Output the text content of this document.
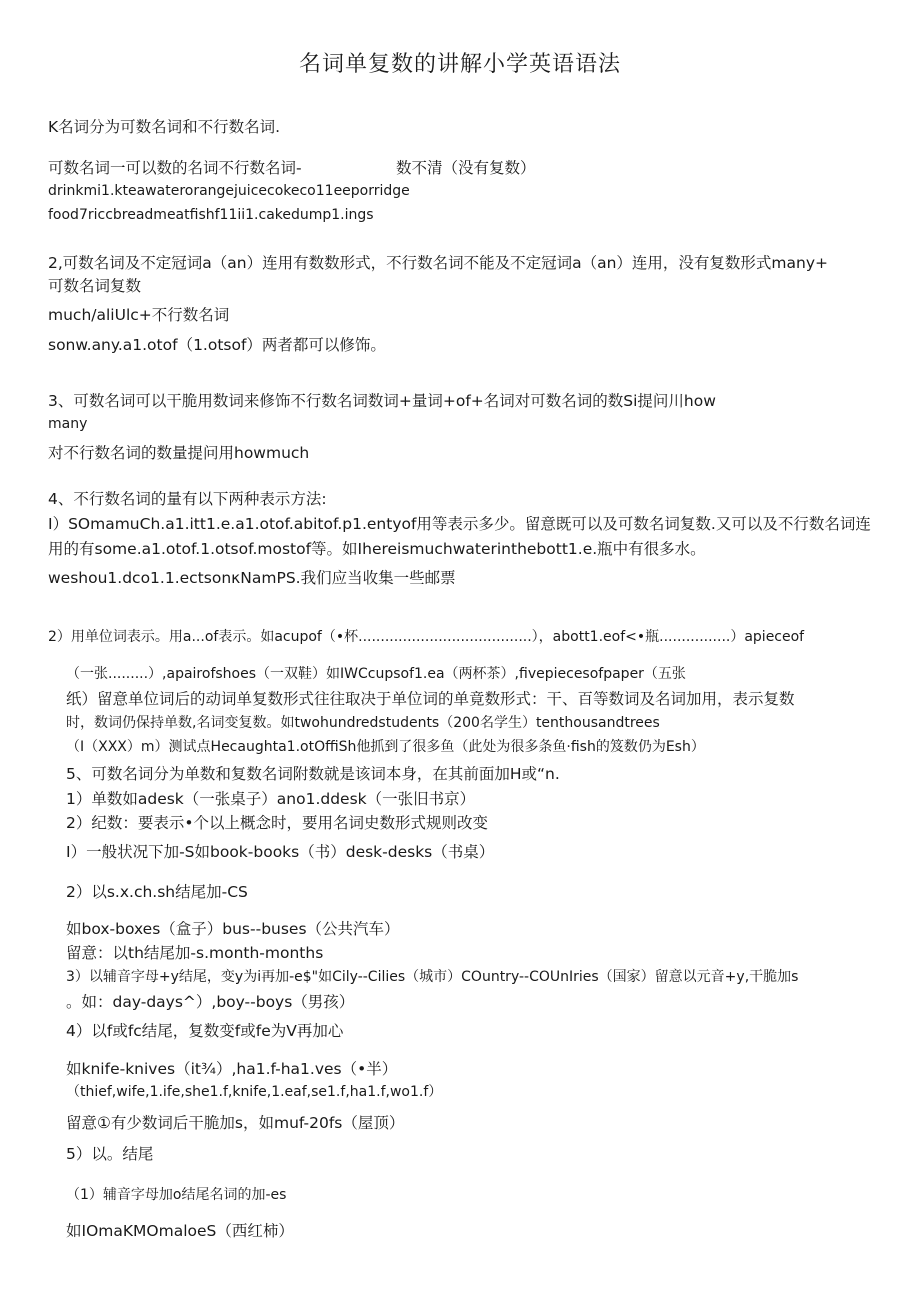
名词单复数的讲解小学英语语法
K名词分为可数名词和不行数名词.
可数名词一可以数的名词不行数名词-	数不清（没有复数）
drinkmi1.kteawaterorangejuicecokeco11eeporridge
food7riccbreadmeatfishf11ii1.cakedump1.ings
2,可数名词及不定冠词a（an）连用有数数形式，不行数名词不能及不定冠词a（an）连用，没有复数形式many+
可数名词复数
much/aliUlc+不行数名词
sonw.any.a1.otof（1.otsof）两者都可以修饰。
3、可数名词可以干脆用数词来修饰不行数名词数词+量词+of+名词对可数名词的数Si提问川how
many
对不行数名词的数量提问用howmuch
4、不行数名词的量有以下两种表示方法:
I）SOmamuCh.a1.itt1.e.a1.otof.abitof.p1.entyof用等表示多少。留意既可以及可数名词复数.又可以及不行数名词连
用的有some.a1.otof.1.otsof.mostof等。如Ihereismuchwaterinthebott1.e.瓶中有很多水。
weshou1.dco1.1.ectsonκNamPS.我们应当收集一些邮票
2）用单位词表示。用a...of表示。如acupof（•杯.......................................），abott1.eof<•瓶................）apieceof
（一张.........）,apairofshoes（一双鞋）如IWCcupsof1.ea（两杯茶）,fivepiecesofpaper（五张
纸）留意单位词后的动词单复数形式往往取决于单位词的单竟数形式：干、百等数词及名词加用，表示复数
时，数词仍保持单数,名词变复数。如twohundredstudents（200名学生）tenthousandtrees
（I（XXX）m）测试点Hecaughta1.otOffiSh他抓到了很多鱼（此处为很多条鱼·fish的笈数仍为Esh）
5、可数名词分为单数和复数名词附数就是该词本身，在其前面加H或“n.
1）单数如adesk（一张桌子）ano1.ddesk（一张旧书京）
2）纪数：要表示•个以上概念时，要用名词史数形式规则改变
I）一般状况下加-S如book-books（书）desk-desks（书桌）
2）以s.x.ch.sh结尾加-CS
如box-boxes（盒子）bus--buses（公共汽车）
留意：以th结尾加-s.month-months
3）以辅音字母+y结尾，变y为i再加-e$"如Cily--Cilies（城市）COuntry--COUnIries（国家）留意以元音+y,干脆加s
。如：day-days^）,boy--boys（男孩）
4）以f或fc结尾，复数变f或fe为V再加心
如knife-knives（it¾）,ha1.f-ha1.ves（•半）
（thief,wife,1.ife,she1.f,knife,1.eaf,se1.f,ha1.f,wo1.f）
留意①有少数词后干脆加s，如muf-20fs（屋顶）
5）以。结尾
（1）辅音字母加o结尾名词的加-es
如IOmaKMOmaloeS（西红柿）
